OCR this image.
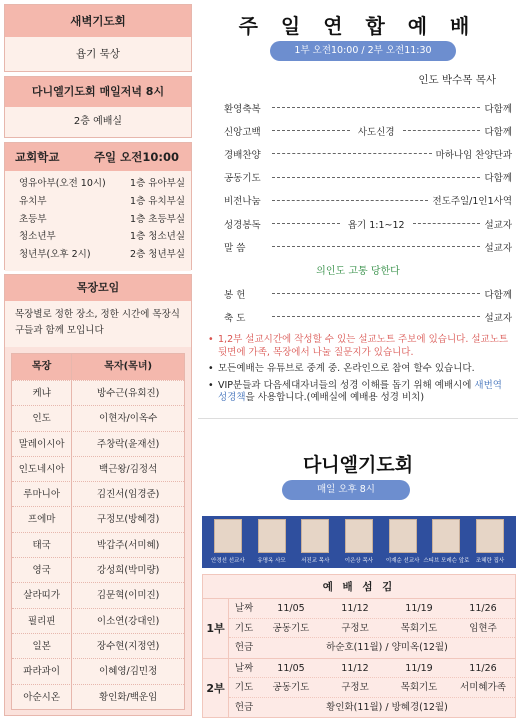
새벽기도회
욥기 묵상
다니엘기도회 매일저녁 8시
2층 예배실
교회학교	주일 오전10:00
영유아부(오전 10시)	1층 유아부실
유치부	1층 유치부실
초등부	1층 초등부실
청소년부	1층 청소년실
청년부(오후 2시)	2층 청년부실
목장모임
목장별로 정한 장소, 정한 시간에 목장식구들과 함께 모입니다
목장	목자(목녀)
케냐	방수근(유회진)
인도	이현자/이옥수
말레이시아	주창락(윤재선)
인도네시아	백근왕/김정석
루마니아	김진서(임경준)
프에마	구정모(방혜경)
태국	박갑주(서미혜)
영국	강성희(박미량)
살라띠가	김문혁(이미진)
필리핀	이소연(강대인)
일본	장수현(지정연)
파라과이	이혜영/김민정
아순시온	황인화/백운임
주 일 연 합 예 배
1부 오전10:00 / 2부 오전11:30
인도 박수목 목사
환영축복	다함께
신앙고백	사도신경	다함께
경배찬양	마하나임 찬양단과
공동기도	다함께
비전나눔	전도주일/1인1사역
성경봉독	욥기 1:1~12	설교자
말 씀	설교자
의인도 고통 당한다
봉 헌	다함께
축 도	설교자
• 1,2부 설교시간에 작성할 수 있는 설교노트 주보에 있습니다. 설교노트 뒷면에 가족, 목장에서 나눌 질문지가 있습니다.
• 모든예배는 유튜브로 중계 중. 온라인으로 참여 할수 있습니다.
• VIP분들과 다음세대자녀들의 성경 이해를 돕기 위해 예배시에 새번역 성경책을 사용합니다.(예배실에 예배용 성경 비치)
다니엘기도회
매일 오후 8시
안경선 선교사 유명옥 사모	서진교 목사	이은상 목사 이재순 선교사 스티브 모레슨 앞로 조혜란 집사
예 배 섬 김
1부
날짜	11/05	11/12	11/19	11/26
기도	공동기도	구정모	목회기도	임현주
헌금	하순호(11월) / 양미옥(12월)
2부
날짜	11/05	11/12	11/19	11/26
기도	공동기도	구정모	목회기도	서미혜가족
헌금	황인화(11월) / 방혜경(12월)
